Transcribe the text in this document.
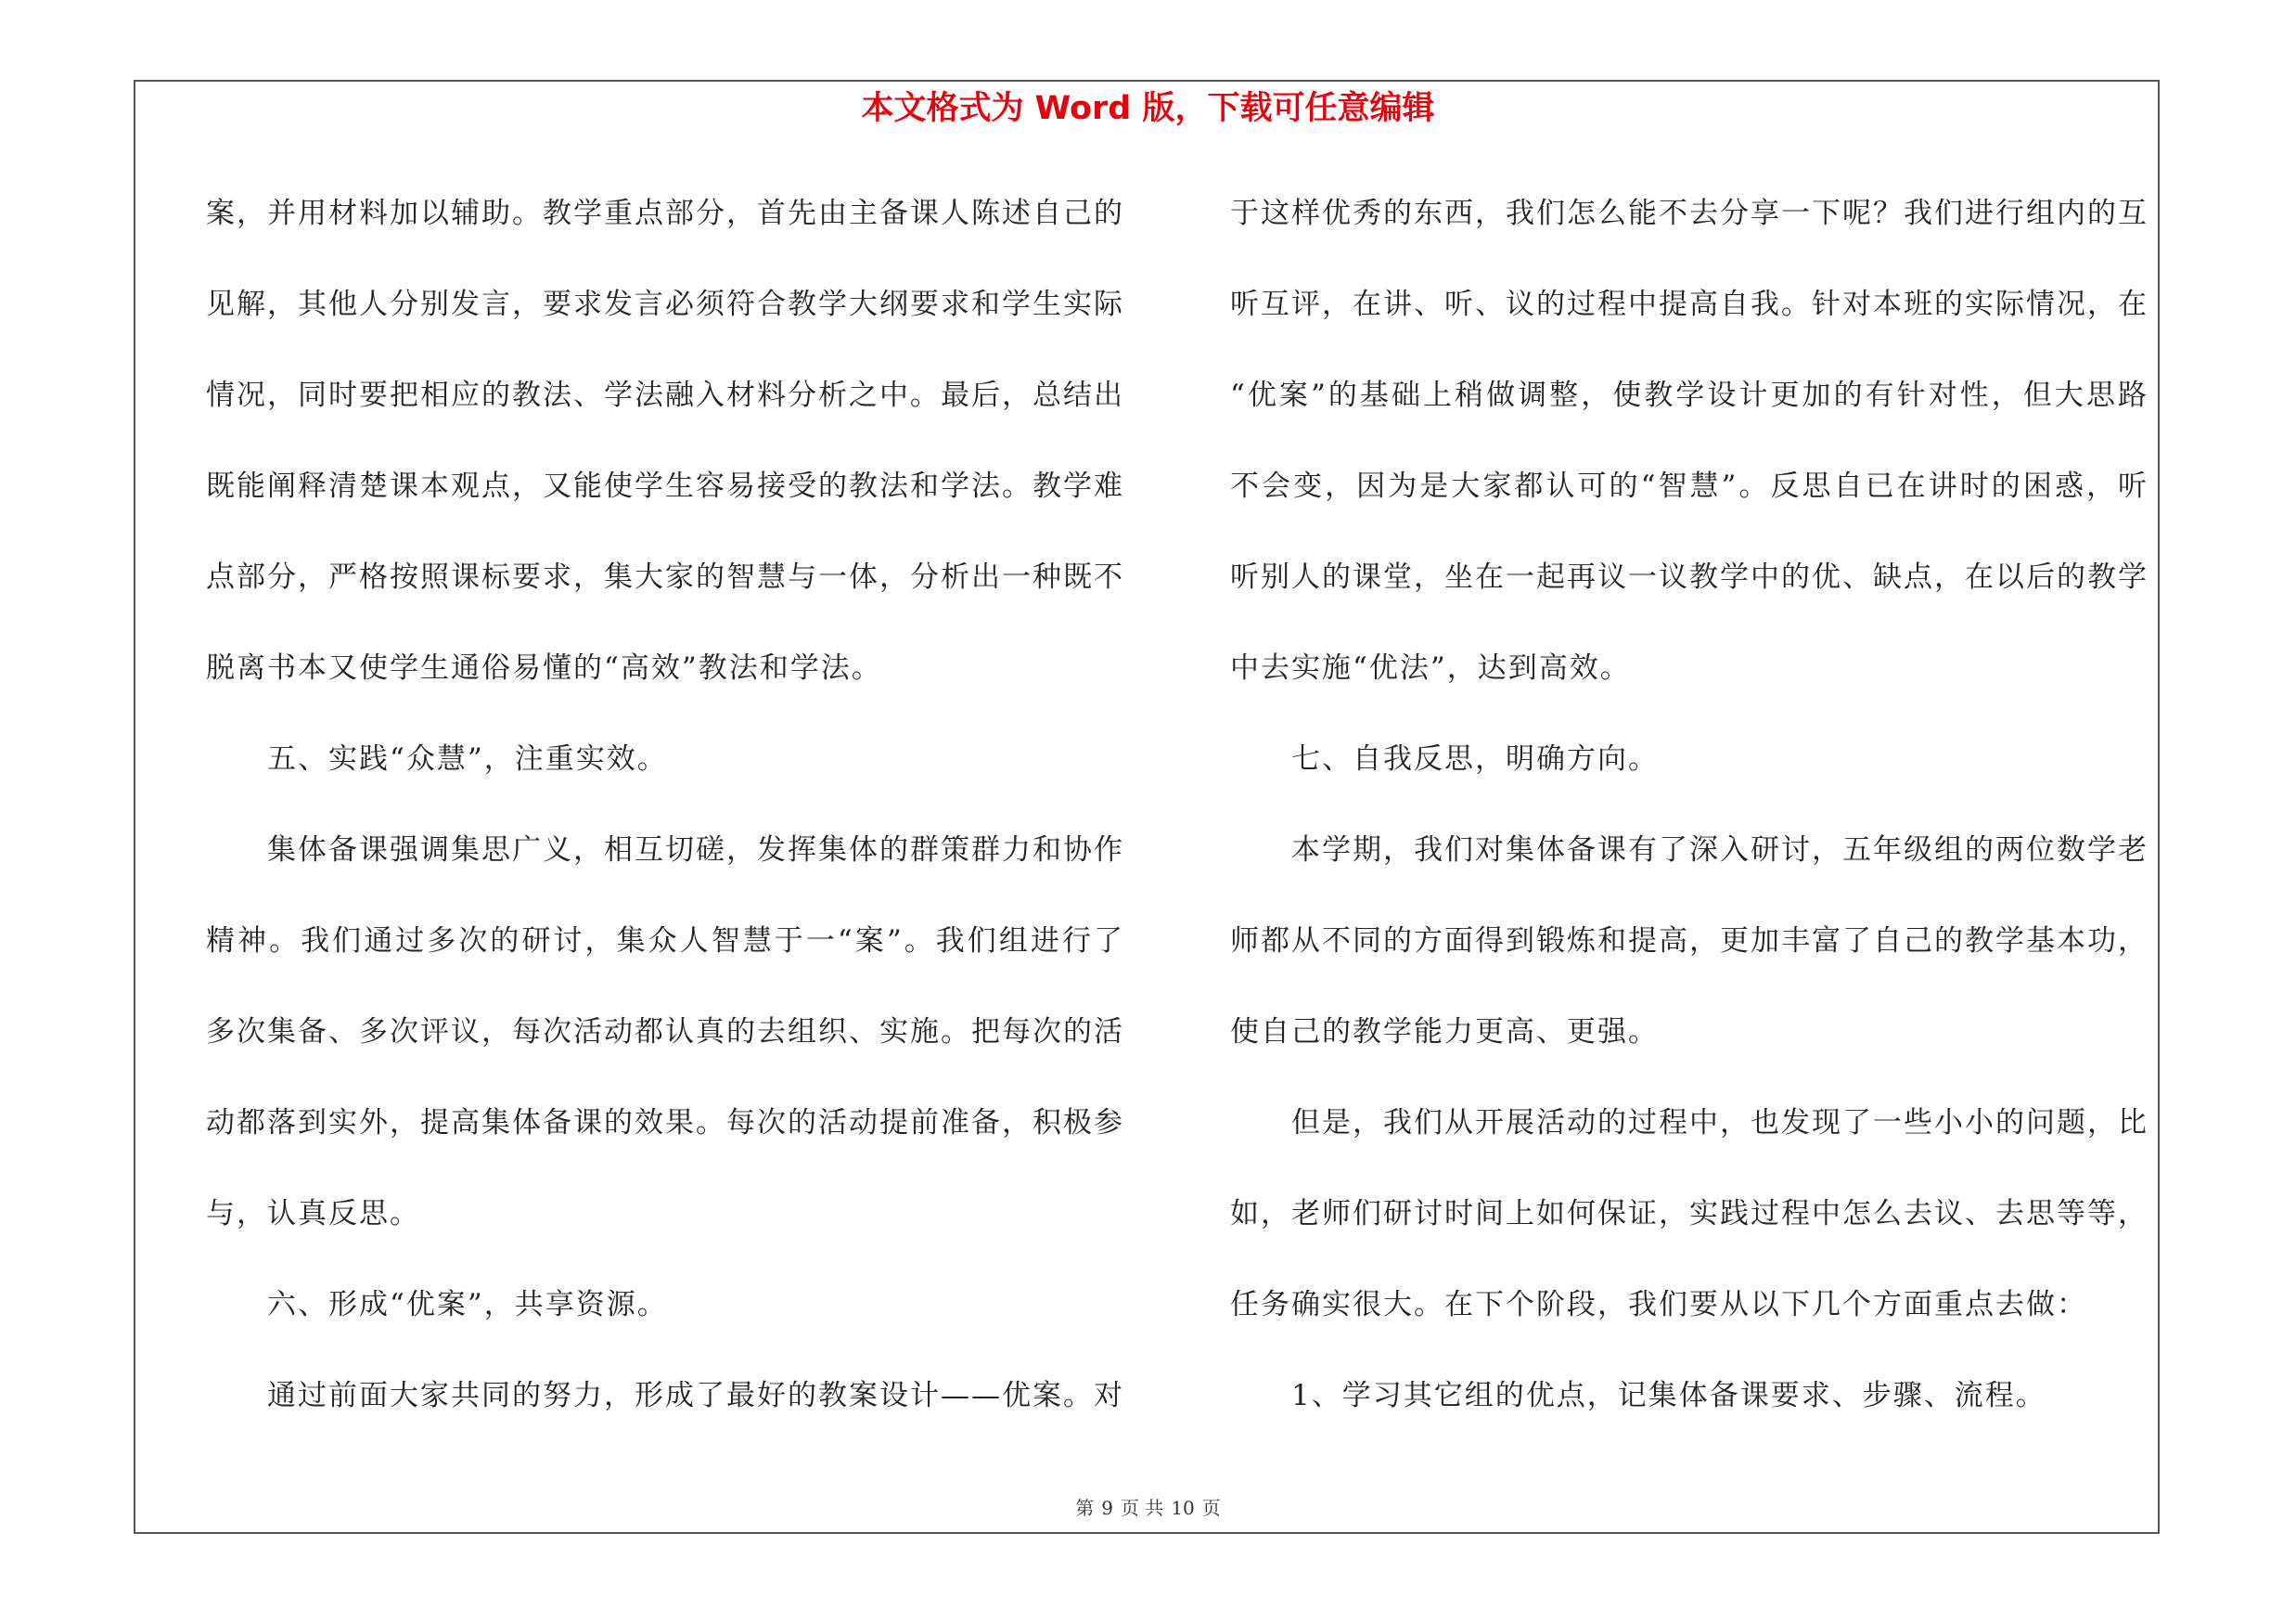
本文格式为 Word 版，下载可任意编辑
案，并用材料加以辅助。教学重点部分，首先由主备课人陈述自己的
见解，其他人分别发言，要求发言必须符合教学大纲要求和学生实际
情况，同时要把相应的教法、学法融入材料分析之中。最后，总结出
既能阐释清楚课本观点，又能使学生容易接受的教法和学法。教学难
点部分，严格按照课标要求，集大家的智慧与一体，分析出一种既不
脱离书本又使学生通俗易懂的“高效”教法和学法。
五、实践“众慧”，注重实效。
集体备课强调集思广义，相互切磋，发挥集体的群策群力和协作
精神。我们通过多次的研讨，集众人智慧于一“案”。我们组进行了
多次集备、多次评议，每次活动都认真的去组织、实施。把每次的活
动都落到实外，提高集体备课的效果。每次的活动提前准备，积极参
与，认真反思。
六、形成“优案”，共享资源。
通过前面大家共同的努力，形成了最好的教案设计——优案。对
于这样优秀的东西，我们怎么能不去分享一下呢？我们进行组内的互
听互评，在讲、听、议的过程中提高自我。针对本班的实际情况，在
“优案”的基础上稍做调整，使教学设计更加的有针对性，但大思路
不会变，因为是大家都认可的“智慧”。反思自已在讲时的困惑，听
听别人的课堂，坐在一起再议一议教学中的优、缺点，在以后的教学
中去实施“优法”，达到高效。
七、自我反思，明确方向。
本学期，我们对集体备课有了深入研讨，五年级组的两位数学老
师都从不同的方面得到锻炼和提高，更加丰富了自己的教学基本功，
使自己的教学能力更高、更强。
但是，我们从开展活动的过程中，也发现了一些小小的问题，比
如，老师们研讨时间上如何保证，实践过程中怎么去议、去思等等，
任务确实很大。在下个阶段，我们要从以下几个方面重点去做：
1、学习其它组的优点，记集体备课要求、步骤、流程。
第 9 页 共 10 页
